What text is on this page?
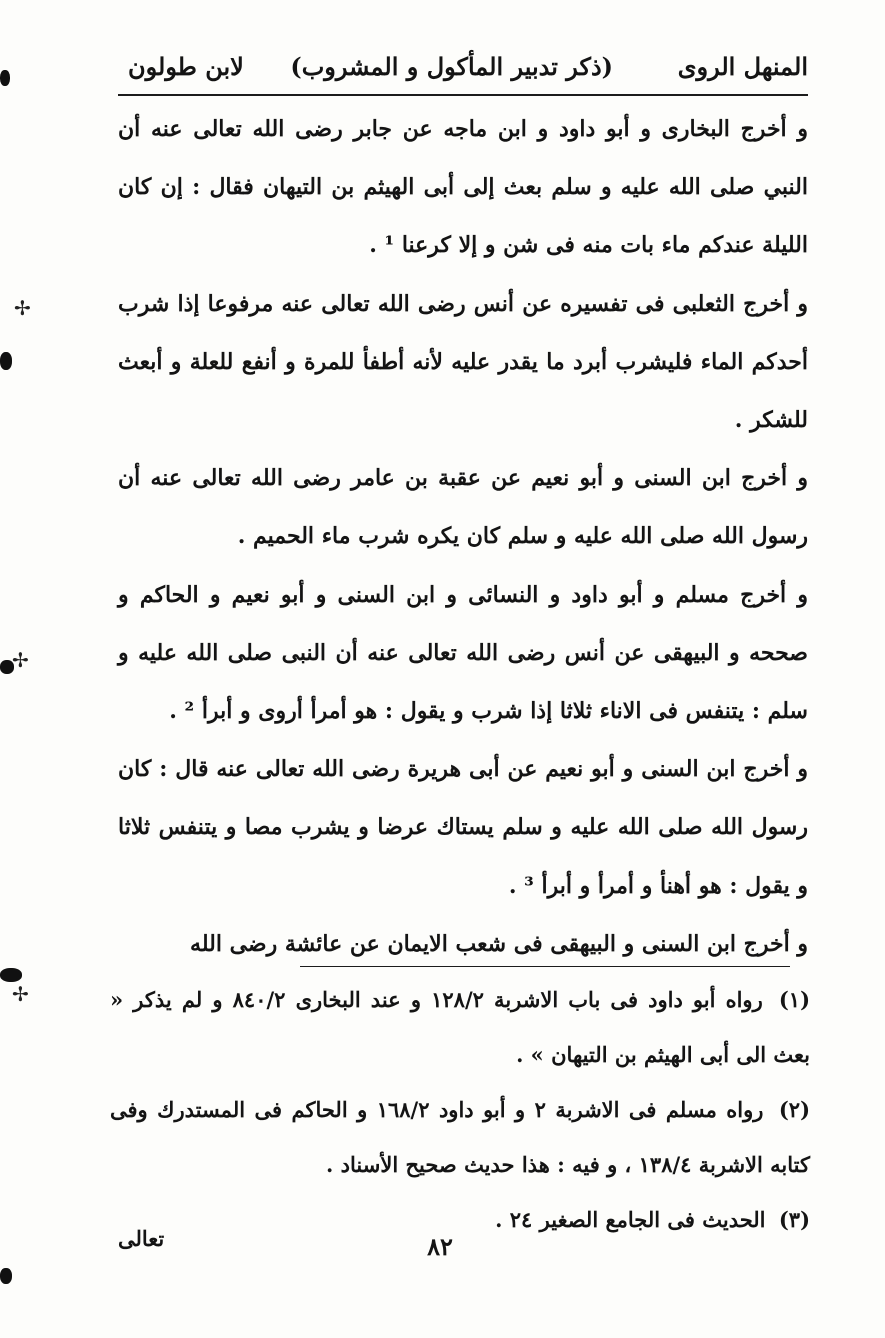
المنهل الروى
(ذكر تدبير المأكول و المشروب)
لابن طولون

و أخرج البخارى و أبو داود و ابن ماجه عن جابر رضى الله تعالى عنه أن النبي صلى الله عليه و سلم بعث إلى أبى الهيثم بن التيهان فقال : إن كان الليلة عندكم ماء بات منه فى شن و إلا كرعنا ¹ .

و أخرج الثعلبى فى تفسيره عن أنس رضى الله تعالى عنه مرفوعا إذا شرب أحدكم الماء فليشرب أبرد ما يقدر عليه لأنه أطفأ للمرة و أنفع للعلة و أبعث للشكر .

و أخرج ابن السنى و أبو نعيم عن عقبة بن عامر رضى الله تعالى عنه أن رسول الله صلى الله عليه و سلم كان يكره شرب ماء الحميم .

و أخرج مسلم و أبو داود و النسائى و ابن السنى و أبو نعيم و الحاكم و صححه و البيهقى عن أنس رضى الله تعالى عنه أن النبى صلى الله عليه و سلم : يتنفس فى الاناء ثلاثا إذا شرب و يقول : هو أمرأ أروى و أبرأ ² .

و أخرج ابن السنى و أبو نعيم عن أبى هريرة رضى الله تعالى عنه قال : كان رسول الله صلى الله عليه و سلم يستاك عرضا و يشرب مصا و يتنفس ثلاثا و يقول : هو أهنأ و أمرأ و أبرأ ³ .

و أخرج ابن السنى و البيهقى فى شعب الايمان عن عائشة رضى الله

(١) رواه أبو داود فى باب الاشربة ١٢٨/٢ و عند البخارى ٨٤٠/٢ و لم يذكر « بعث الى أبى الهيثم بن التيهان » .

(٢) رواه مسلم فى الاشربة ٢ و أبو داود ١٦٨/٢ و الحاكم فى المستدرك وفى كتابه الاشربة ١٣٨/٤ ، و فيه : هذا حديث صحيح الأسناد .

(٣) الحديث فى الجامع الصغير ٢٤ .

٨٢
تعالى
✢
✢
✢
